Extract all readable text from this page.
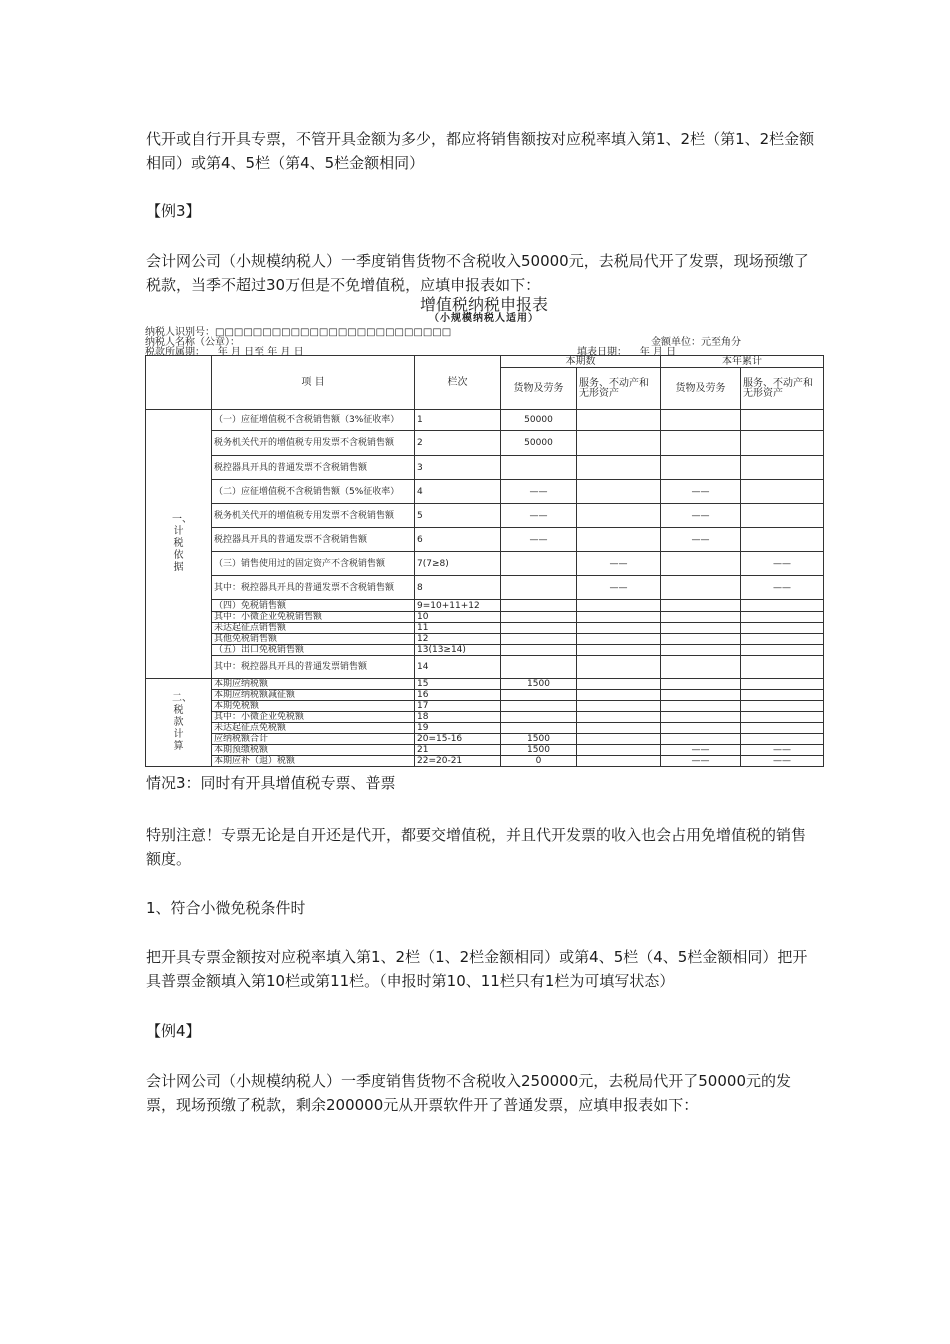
代开或自行开具专票，不管开具金额为多少，都应将销售额按对应税率填入第1、2栏（第1、2栏金额相同）或第4、5栏（第4、5栏金额相同）

【例3】

会计网公司（小规模纳税人）一季度销售货物不含税收入50000元，去税局代开了发票，现场预缴了税款，当季不超过30万但是不免增值税，应填申报表如下：

增值税纳税申报表
（小规模纳税人适用）
纳税人识别号：□□□□□□□□□□□□□□□□□□□□□□□□□
纳税人名称（公章）：	金额单位：元至角分
税款所属期： 年 月 日至 年 月 日	填表日期： 年 月 日
	项 目	栏次	本期数		本年累计	
			货物及劳务	服务、不动产和无形资产	货物及劳务	服务、不动产和无形资产
一、计税依据	（一）应征增值税不含税销售额（3%征收率）	1	50000			
	税务机关代开的增值税专用发票不含税销售额	2	50000			
	税控器具开具的普通发票不含税销售额	3				
	（二）应征增值税不含税销售额（5%征收率）	4	——		——	
	税务机关代开的增值税专用发票不含税销售额	5	——		——	
	税控器具开具的普通发票不含税销售额	6	——		——	
	（三）销售使用过的固定资产不含税销售额	7(7≥8)		——		——
	其中：税控器具开具的普通发票不含税销售额	8		——		——
	（四）免税销售额	9=10+11+12				
	其中：小微企业免税销售额	10				
	未达起征点销售额	11				
	其他免税销售额	12				
	（五）出口免税销售额	13(13≥14)				
	其中：税控器具开具的普通发票销售额	14				
二、税款计算	本期应纳税额	15	1500			
	本期应纳税额减征额	16				
	本期免税额	17				
	其中：小微企业免税额	18				
	未达起征点免税额	19				
	应纳税额合计	20=15-16	1500			
	本期预缴税额	21	1500		——	——
	本期应补（退）税额	22=20-21	0		——	——

情况3：同时有开具增值税专票、普票

特别注意！专票无论是自开还是代开，都要交增值税，并且代开发票的收入也会占用免增值税的销售额度。

1、符合小微免税条件时

把开具专票金额按对应税率填入第1、2栏（1、2栏金额相同）或第4、5栏（4、5栏金额相同）把开具普票金额填入第10栏或第11栏。（申报时第10、11栏只有1栏为可填写状态）

【例4】

会计网公司（小规模纳税人）一季度销售货物不含税收入250000元，去税局代开了50000元的发票，现场预缴了税款，剩余200000元从开票软件开了普通发票，应填申报表如下：
